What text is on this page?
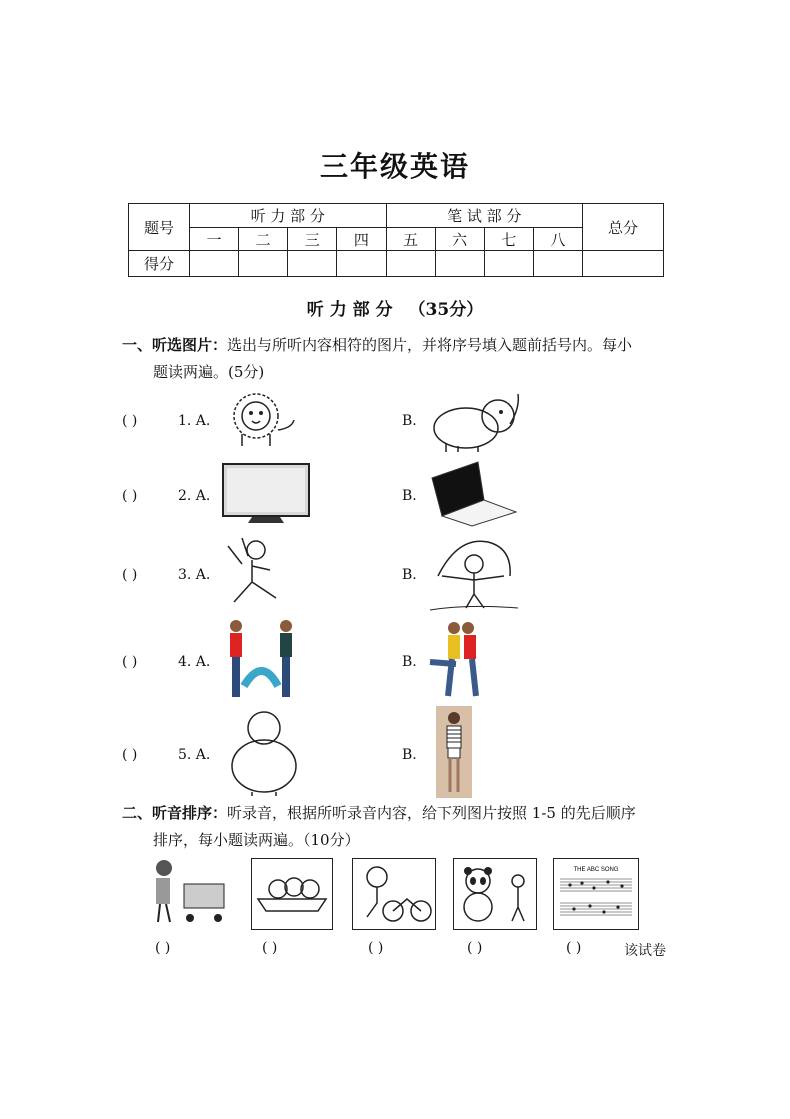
三年级英语
题号	听 力 部 分				笔 试 部 分				总分
	一	二	三	四	五	六	七	八	
得分									
听 力 部 分 （35分）
一、听选图片：选出与所听内容相符的图片，并将序号填入题前括号内。每小
题读两遍。(5分)
( )	1. A.	B.
( )	2. A.	B.
( )	3. A.	B.
( )	4. A.	B.
( )	5. A.	B.
二、听音排序：听录音，根据所听录音内容，给下列图片按照 1-5 的先后顺序
排序，每小题读两遍。（10分）
THE ABC SONG
( )	( )	( )	( )	( )	该试卷
